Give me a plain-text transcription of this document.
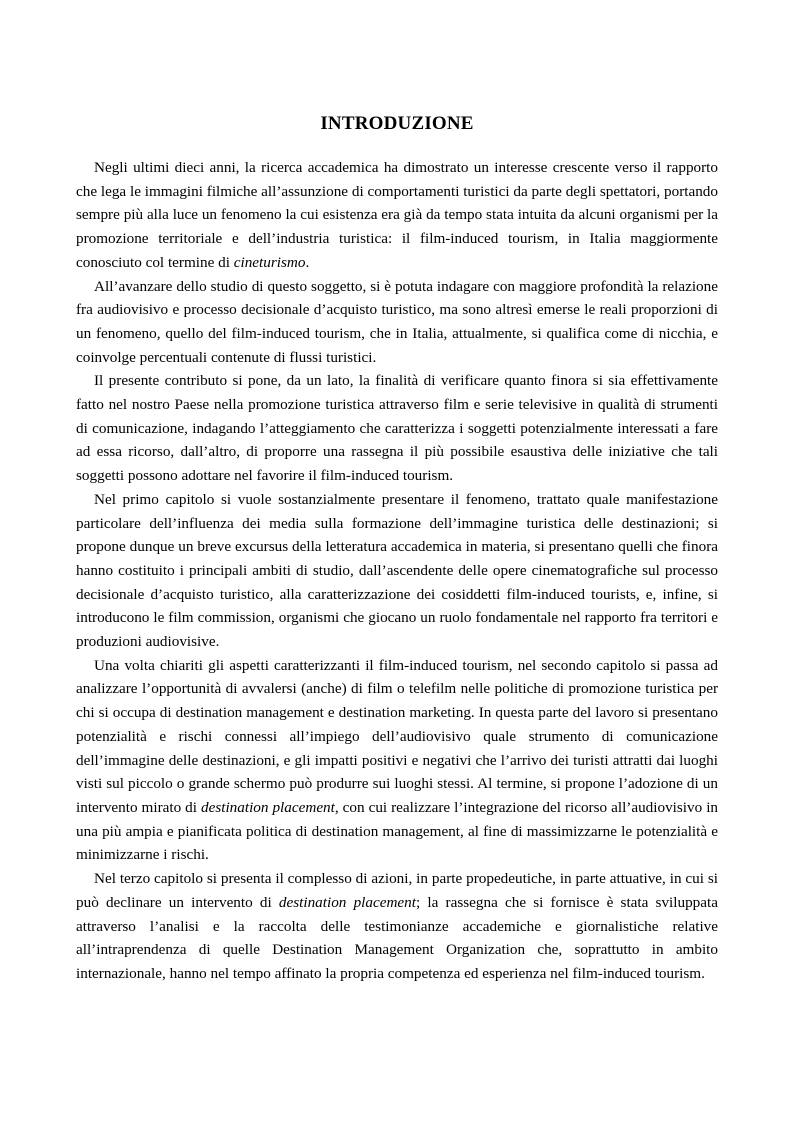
INTRODUZIONE

Negli ultimi dieci anni, la ricerca accademica ha dimostrato un interesse crescente verso il rapporto che lega le immagini filmiche all’assunzione di comportamenti turistici da parte degli spettatori, portando sempre più alla luce un fenomeno la cui esistenza era già da tempo stata intuita da alcuni organismi per la promozione territoriale e dell’industria turistica: il film-induced tourism, in Italia maggiormente conosciuto col termine di cineturismo.

All’avanzare dello studio di questo soggetto, si è potuta indagare con maggiore profondità la relazione fra audiovisivo e processo decisionale d’acquisto turistico, ma sono altresì emerse le reali proporzioni di un fenomeno, quello del film-induced tourism, che in Italia, attualmente, si qualifica come di nicchia, e coinvolge percentuali contenute di flussi turistici.

Il presente contributo si pone, da un lato, la finalità di verificare quanto finora si sia effettivamente fatto nel nostro Paese nella promozione turistica attraverso film e serie televisive in qualità di strumenti di comunicazione, indagando l’atteggiamento che caratterizza i soggetti potenzialmente interessati a fare ad essa ricorso, dall’altro, di proporre una rassegna il più possibile esaustiva delle iniziative che tali soggetti possono adottare nel favorire il film-induced tourism.

Nel primo capitolo si vuole sostanzialmente presentare il fenomeno, trattato quale manifestazione particolare dell’influenza dei media sulla formazione dell’immagine turistica delle destinazioni; si propone dunque un breve excursus della letteratura accademica in materia, si presentano quelli che finora hanno costituito i principali ambiti di studio, dall’ascendente delle opere cinematografiche sul processo decisionale d’acquisto turistico, alla caratterizzazione dei cosiddetti film-induced tourists, e, infine, si introducono le film commission, organismi che giocano un ruolo fondamentale nel rapporto fra territori e produzioni audiovisive.

Una volta chiariti gli aspetti caratterizzanti il film-induced tourism, nel secondo capitolo si passa ad analizzare l’opportunità di avvalersi (anche) di film o telefilm nelle politiche di promozione turistica per chi si occupa di destination management e destination marketing. In questa parte del lavoro si presentano potenzialità e rischi connessi all’impiego dell’audiovisivo quale strumento di comunicazione dell’immagine delle destinazioni, e gli impatti positivi e negativi che l’arrivo dei turisti attratti dai luoghi visti sul piccolo o grande schermo può produrre sui luoghi stessi. Al termine, si propone l’adozione di un intervento mirato di destination placement, con cui realizzare l’integrazione del ricorso all’audiovisivo in una più ampia e pianificata politica di destination management, al fine di massimizzarne le potenzialità e minimizzarne i rischi.

Nel terzo capitolo si presenta il complesso di azioni, in parte propedeutiche, in parte attuative, in cui si può declinare un intervento di destination placement; la rassegna che si fornisce è stata sviluppata attraverso l’analisi e la raccolta delle testimonianze accademiche e giornalistiche relative all’intraprendenza di quelle Destination Management Organization che, soprattutto in ambito internazionale, hanno nel tempo affinato la propria competenza ed esperienza nel film-induced tourism.
